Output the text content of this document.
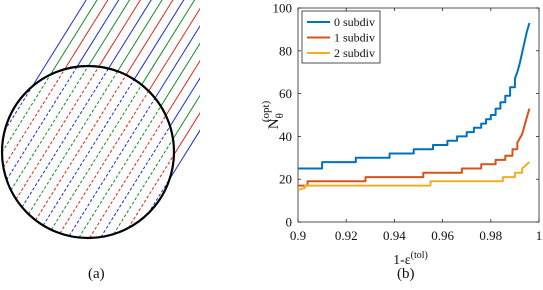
0.9 0.92 0.94 0.96 0.98	1
0
20
40
60
80
100
0 subdiv
1 subdiv
2 subdiv
$1-\varepsilon^{(tol)}$
$N_\theta(opt)$
(a)	(b)
